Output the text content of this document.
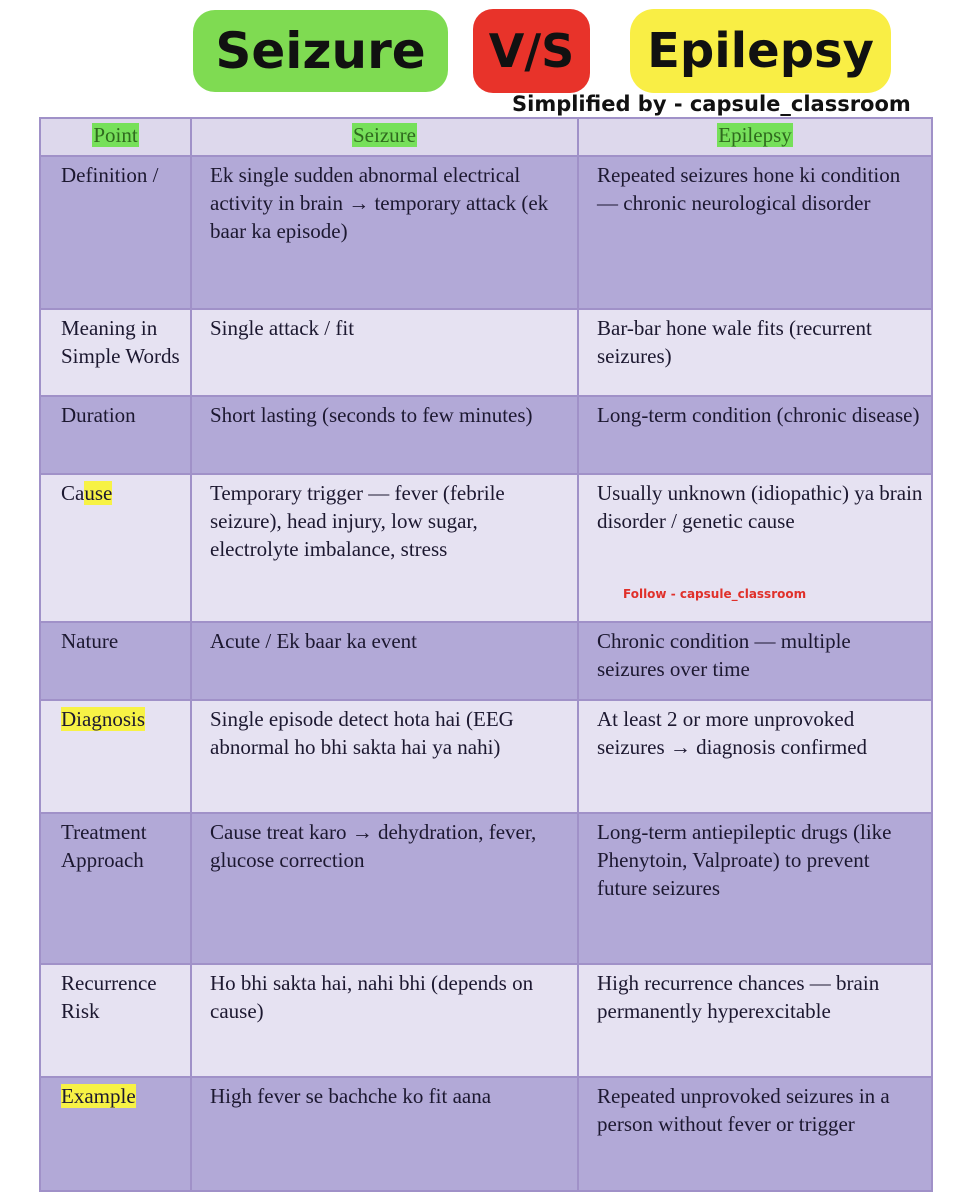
Seizure	V/S	Epilepsy
Simplified by - capsule_classroom
Point	Seizure	Epilepsy
Definition /	Ek single sudden abnormal electrical activity in brain → temporary attack (ek baar ka episode)	Repeated seizures hone ki condition — chronic neurological disorder
Meaning in Simple Words	Single attack / fit	Bar-bar hone wale fits (recurrent seizures)
Duration	Short lasting (seconds to few minutes)	Long-term condition (chronic disease)
Cause	Temporary trigger — fever (febrile seizure), head injury, low sugar, electrolyte imbalance, stress	Usually unknown (idiopathic) ya brain disorder / genetic cause
Nature	Acute / Ek baar ka event	Chronic condition — multiple seizures over time
Diagnosis	Single episode detect hota hai (EEG abnormal ho bhi sakta hai ya nahi)	At least 2 or more unprovoked seizures → diagnosis confirmed
Treatment Approach	Cause treat karo → dehydration, fever, glucose correction	Long-term antiepileptic drugs (like Phenytoin, Valproate) to prevent future seizures
Recurrence Risk	Ho bhi sakta hai, nahi bhi (depends on cause)	High recurrence chances — brain permanently hyperexcitable
Example	High fever se bachche ko fit aana	Repeated unprovoked seizures in a person without fever or trigger
Follow - capsule_classroom
